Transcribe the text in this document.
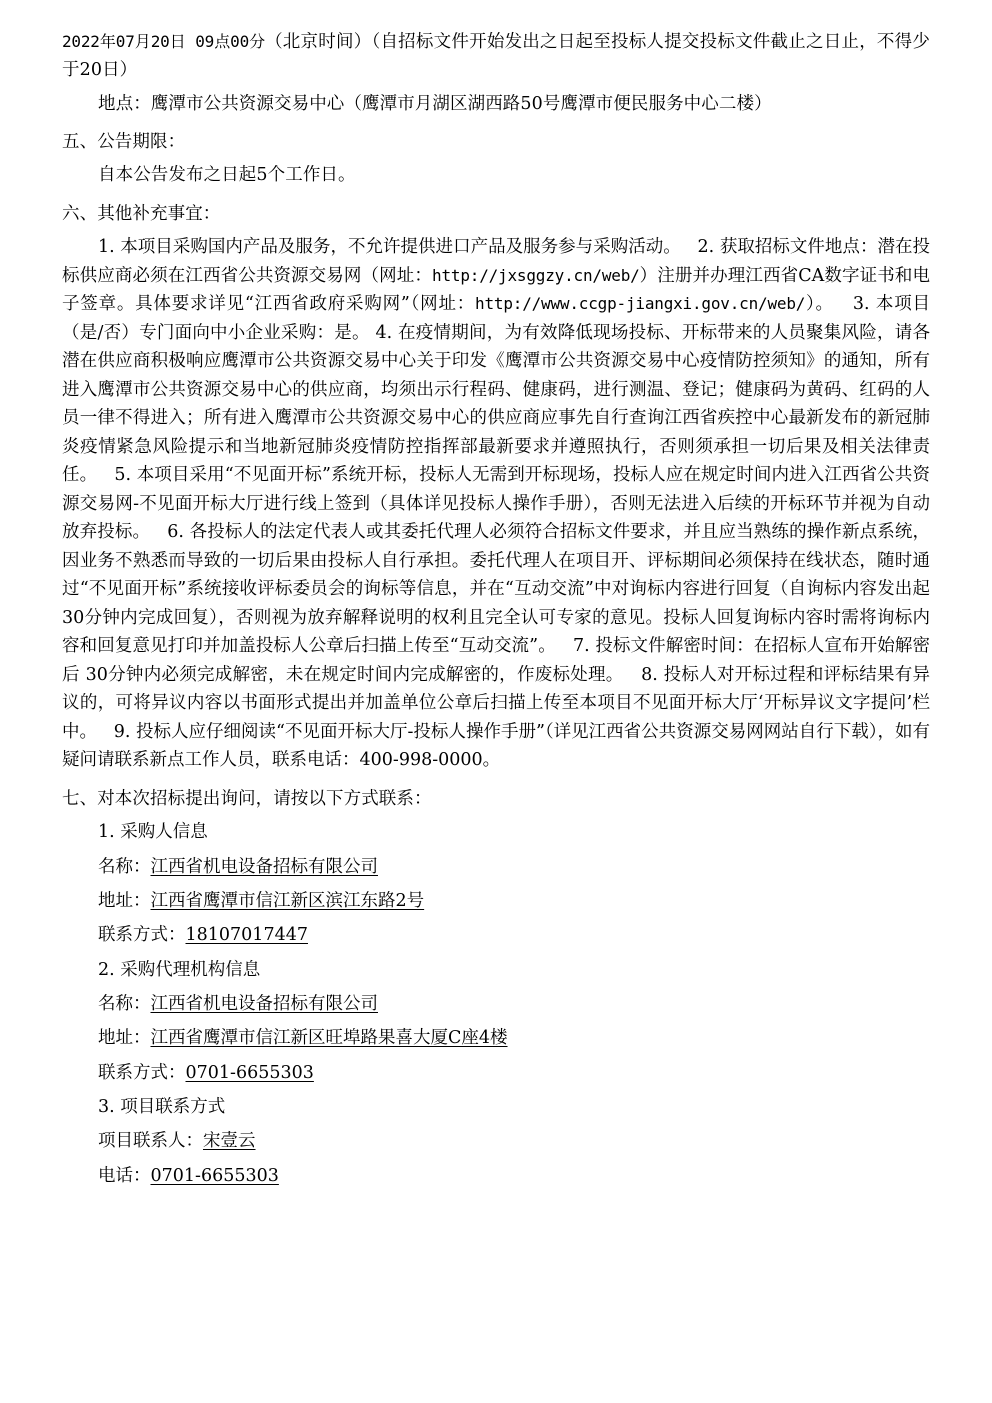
2022年07月20日 09点00分（北京时间）（自招标文件开始发出之日起至投标人提交投标文件截止之日止，不得少于20日）

地点：鹰潭市公共资源交易中心（鹰潭市月湖区湖西路50号鹰潭市便民服务中心二楼）

五、公告期限：

自本公告发布之日起5个工作日。

六、其他补充事宜：

1. 本项目采购国内产品及服务，不允许提供进口产品及服务参与采购活动。 2. 获取招标文件地点：潜在投标供应商必须在江西省公共资源交易网（网址：http://jxsggzy.cn/web/）注册并办理江西省CA数字证书和电子签章。具体要求详见“江西省政府采购网”（网址：http://www.ccgp-jiangxi.gov.cn/web/）。 3. 本项目（是/否）专门面向中小企业采购：是。 4. 在疫情期间，为有效降低现场投标、开标带来的人员聚集风险，请各潜在供应商积极响应鹰潭市公共资源交易中心关于印发《鹰潭市公共资源交易中心疫情防控须知》的通知，所有进入鹰潭市公共资源交易中心的供应商，均须出示行程码、健康码，进行测温、登记；健康码为黄码、红码的人员一律不得进入；所有进入鹰潭市公共资源交易中心的供应商应事先自行查询江西省疾控中心最新发布的新冠肺炎疫情紧急风险提示和当地新冠肺炎疫情防控指挥部最新要求并遵照执行，否则须承担一切后果及相关法律责任。 5. 本项目采用“不见面开标”系统开标，投标人无需到开标现场，投标人应在规定时间内进入江西省公共资源交易网-不见面开标大厅进行线上签到（具体详见投标人操作手册），否则无法进入后续的开标环节并视为自动放弃投标。 6. 各投标人的法定代表人或其委托代理人必须符合招标文件要求，并且应当熟练的操作新点系统，因业务不熟悉而导致的一切后果由投标人自行承担。委托代理人在项目开、评标期间必须保持在线状态，随时通过“不见面开标”系统接收评标委员会的询标等信息，并在“互动交流”中对询标内容进行回复（自询标内容发出起30分钟内完成回复），否则视为放弃解释说明的权利且完全认可专家的意见。投标人回复询标内容时需将询标内容和回复意见打印并加盖投标人公章后扫描上传至“互动交流”。 7. 投标文件解密时间：在招标人宣布开始解密后 30分钟内必须完成解密，未在规定时间内完成解密的，作废标处理。 8. 投标人对开标过程和评标结果有异议的，可将异议内容以书面形式提出并加盖单位公章后扫描上传至本项目不见面开标大厅‘开标异议文字提问’栏中。 9. 投标人应仔细阅读“不见面开标大厅-投标人操作手册”（详见江西省公共资源交易网网站自行下载），如有疑问请联系新点工作人员，联系电话：400-998-0000。

七、对本次招标提出询问，请按以下方式联系：

1. 采购人信息

名称：江西省机电设备招标有限公司

地址：江西省鹰潭市信江新区滨江东路2号

联系方式：18107017447

2. 采购代理机构信息

名称：江西省机电设备招标有限公司

地址：江西省鹰潭市信江新区旺埠路果喜大厦C座4楼

联系方式：0701-6655303

3. 项目联系方式

项目联系人：宋壹云

电话：0701-6655303
